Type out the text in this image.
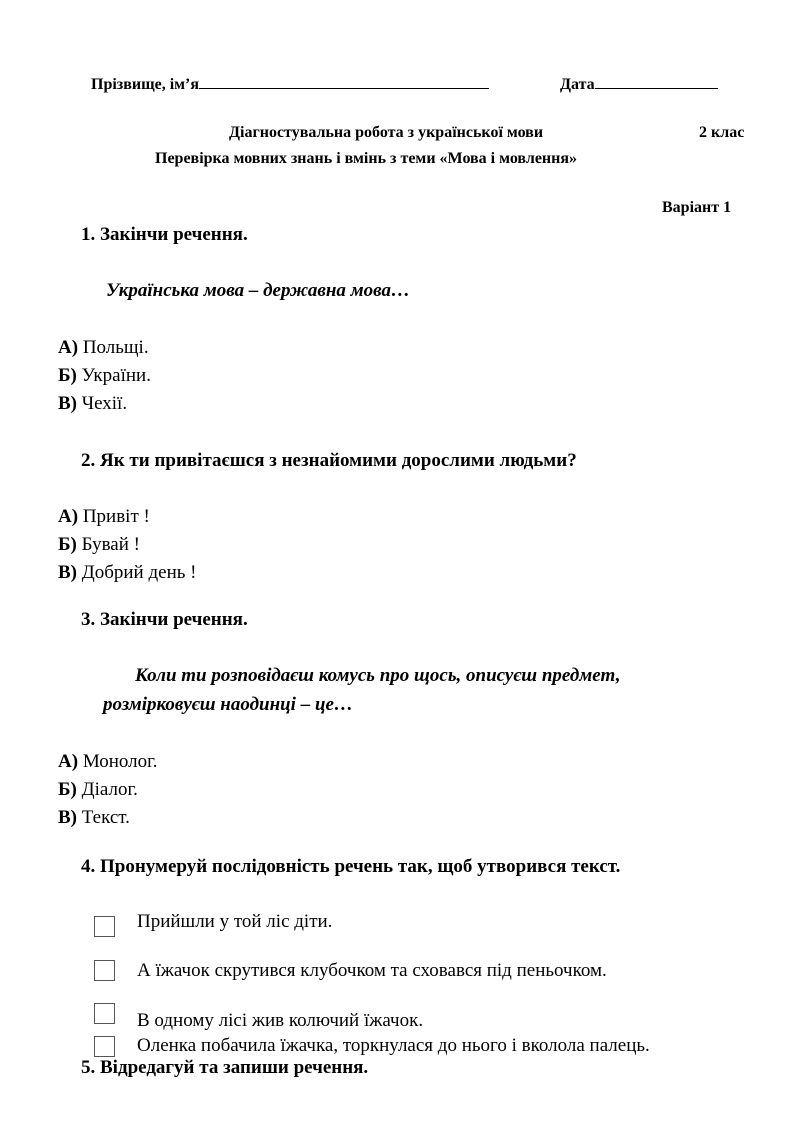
Прізвище, ім’я	Дата
Діагностувальна робота з української мови	2 клас
Перевірка мовних знань і вмінь з теми «Мова і мовлення»
Варіант 1
1. Закінчи речення.
Українська мова – державна мова…
А) Польщі.
Б) України.
В) Чехії.
2. Як ти привітаєшся з незнайомими дорослими людьми?
А) Привіт !
Б) Бувай !
В) Добрий день !
3. Закінчи речення.
Коли ти розповідаєш комусь про щось, описуєш предмет,
розмірковуєш наодинці – це…
А) Монолог.
Б) Діалог.
В) Текст.
4. Пронумеруй послідовність речень так, щоб утворився текст.
Прийшли у той ліс діти.
А їжачок скрутився клубочком та сховався під пеньочком.
В одному лісі жив колючий їжачок.
Оленка побачила їжачка, торкнулася до нього і вколола палець.
5. Відредагуй та запиши речення.
